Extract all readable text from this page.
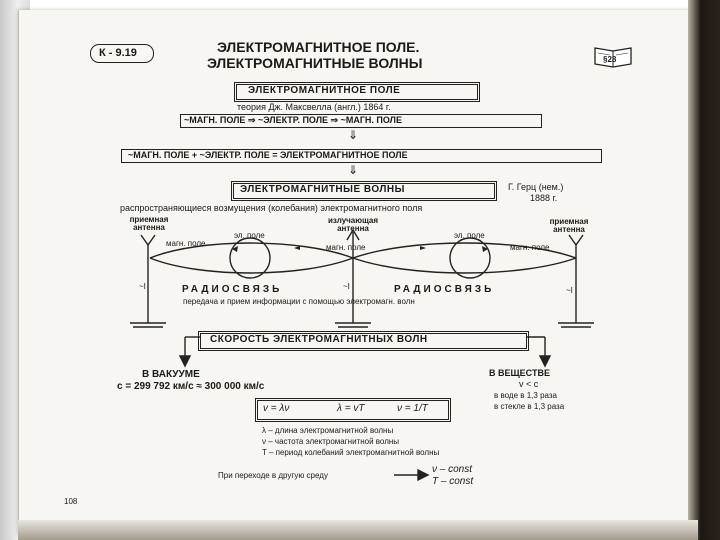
К - 9.19	ЭЛЕКТРОМАГНИТНОЕ ПОЛЕ.
ЭЛЕКТРОМАГНИТНЫЕ ВОЛНЫ	§28
ЭЛЕКТРОМАГНИТНОЕ ПОЛЕ
теория Дж. Максвелла (англ.) 1864 г.
~МАГН. ПОЛЕ ⇒ ~ЭЛЕКТР. ПОЛЕ ⇒ ~МАГН. ПОЛЕ
⇓
~МАГН. ПОЛЕ + ~ЭЛЕКТР. ПОЛЕ = ЭЛЕКТРОМАГНИТНОЕ ПОЛЕ
⇓
ЭЛЕКТРОМАГНИТНЫЕ ВОЛНЫ	Г. Герц (нем.)
1888 г.
распространяющиеся возмущения (колебания) электромагнитного поля
приемная антенна
излучающая антенна
приемная антенна
магн. поле	магн. поле	магн. поле
эл. поле	эл. поле
~I	~I	~I
РАДИОСВЯЗЬ	РАДИОСВЯЗЬ
передача и прием информации с помощью электромагн. волн
СКОРОСТЬ ЭЛЕКТРОМАГНИТНЫХ ВОЛН
В ВАКУУМЕ
c = 299 792 км/с ≈ 300 000 км/с
В ВЕЩЕСТВЕ
v < c
в воде в 1,3 раза
в стекле в 1,3 раза
v = λν	λ = vT	ν = 1/T
λ – длина электромагнитной волны
ν – частота электромагнитной волны
T – период колебаний электромагнитной волны
При переходе в другую среду
ν – const
T – const
108
